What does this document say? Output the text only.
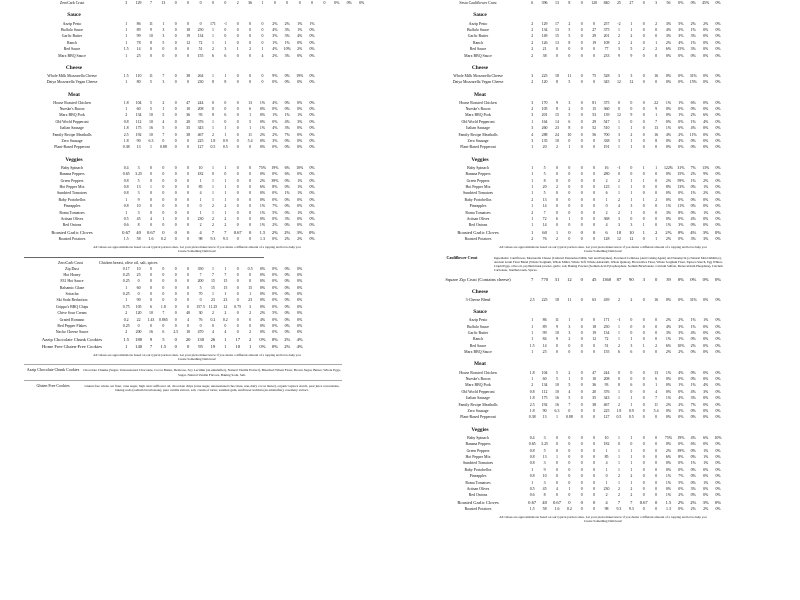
ZeroCarb Crust	3	129	7	13	0	0	0	0	0	2	36	1	0	0	0	0	0	0%	0%	0%
Sauce
Azzip Pesto	1	86	11	1	0	0	0	171	-1	0	0	0	2%	2%	1%	1%
Buffalo Sauce	1	89	9	3	0	18	250	1	0	0	0	0	4%	3%	1%	0%
Garlic Butter	1	99	10	3	0	19	134	1	0	0	0	0	3%	3%	4%	0%
Ranch	1	78	8	5	0	12	72	1	1	0	0	0	1%	1%	0%	0%
Red Sauce	1.5	14	0	0	0	0	51	2	3	1	2	1	4%	10%	2%	0%
Marx BBQ Sauce	1	25	0	0	0	0	155	6	6	0	0	4	2%	3%	0%	0%
Cheese
Whole Milk Mozzarella Cheese	1.5	110	11	7	0	38	264	1	1	0	0	0	9%	0%	19%	0%
Daiya Mozzarella Vegan Cheese	1	80	5	3	0	0	230	8	8	0	0	0	0%	0%	0%	0%
Meat
House Roasted Chicken	1.8	104	5	2	0	47	244	0	0	0	13	1%	4%	0%	0%	0%
Nueske's Bacon	1	60	5	1	0	10	208	0	0	0	6	0%	0%	0%	0%	0%
Marx BBQ Pork	2	134	10	5	0	36	93	8	6	0	1	0%	1%	1%	1%	0%
Old World Pepperoni	0.8	112	10	4	0	20	376	1	0	0	5	0%	0%	4%	3%	0%
Italian Sausage	1.8	175	16	5	0	35	343	1	1	0	1	1%	4%	3%	0%	0%
Family Recipe Meatballs	2.5	192	10	7	0	38	467	2	1	0	11	2%	2%	7%	0%	0%
Zero Sausage	1.8	90	6.3	0	0	0	225	1.8	0.9	0	5.4	0%	3%	0%	0%	0%
Plant-Based Pepperoni	0.38	13	1	0.88	0	0	127	0.5	0.5	0	0	0%	0%	0%	0%	0%
Veggies
Baby Spinach	0.4	3	0	0	0	0	10	1	1	0	0	75%	19%	6%	10%	0%
Banana Peppers	0.65	3.25	0	0	0	0	182	0	0	0	0	0%	0%	6%	0%	0%
Green Peppers	0.8	5	0	0	0	0	1	1	1	0	0	2%	39%	0%	1%	0%
Hot Pepper Mix	0.8	13	1	0	0	0	85	1	1	0	0	6%	8%	0%	1%	0%
Sundried Tomatoes	0.8	3	0	0	0	0	4	1	1	0	0	0%	0%	1%	1%	0%
Baby Portobellos	1	9	0	0	0	0	1	1	1	0	0	0%	0%	0%	0%	0%
Pineapples	0.8	10	0	0	0	0	0	2	2	0	0	1%	7%	0%	0%	0%
Roma Tomatoes	1	3	0	0	0	0	1	1	1	0	0	1%	5%	0%	1%	0%
Artisan Olives	0.5	45	4	1	0	0	230	2	2	0	0	0%	0%	3%	0%	0%
Red Onions	0.6	8	0	0	0	0	2	2	2	0	0	1%	2%	0%	0%	0%
Roasted Garlic Cloves	0.67	40	0.67	0	0	0	4	7	7	0.67	0	1.5	2%	2%	3%	0%
Roasted Potatoes	1.5	58	1.6	0.2	0	0	98	9.3	9.3	0	0	1.3	0%	2%	2%	0%
All values are approximations based on our typical portion sizes. Let your pizza maker know if you desire a different amount of a topping and let us help you Create Something Delicious!
ZeroCarb Crust	Chicken breast, olive oil, salt, spices
Zip Dust	0.17	10	0	0	0	0	350	1	1	0	0.5	0%	0%	0%	0%
Hot Honey	0.25	25	0	0	0	0	7	7	7	0	0	0%	0%	0%	0%
831 Hot Sauce	0.25	0	0	0	0	0	200	15	15	0	0	0%	0%	0%	0%
Balsamic Glaze	1	60	0	0	0	0	5	15	15	0	15	0%	0%	0%	0%
Sriracha	0.25	0	0	0	0	0	70	1	1	0	1	0%	0%	0%	0%
Ski Soda Reduction	1	90	0	0	0	0	0	23	23	0	23	0%	0%	0%	0%
Grippo's BBQ Chips	0.75	105	6	1.8	0	0	157.5 11.25	12	0.75	3	0%	0%	0%	0%
Chive Sour Cream	2	120	10	7	0	40	30	2	2	0	2	2%	5%	0%	0%
Grated Romano	0.2	22	1.43	0.865	0	4	76	0.2	0.2	0	0	4%	0%	0%	0%
Red Pepper Flakes	0.25	0	0	0	0	0	0	0	0	0	0	0%	0%	0%	0%
Nacho Cheese Sauce	2	200	16	6	2.5	10	470	4	4	0	2	0%	0%	0%	0%
Azzip Chocolate Chunk Cookies	1.5	180	9	5	0	20	130	26	1	17	2	0%	0%	2%	4%
Home Free Gluten-Free Cookies	1	140	7	1.5	0	0	95	19	1	10	1	0%	0%	2%	4%
All values are approximations based on our typical portion sizes. Let your pizza maker know if you desire a different amount of a topping and let us help you Create Something Delicious!
Azzip Chocolate Chunk Cookies	Chocolate Chunks (Sugar, Unsweetened Chocolate, Cocoa Butter, Dextrose, Soy Lecithin (an emulsifier), Natural Vanilla Extract), Bleached Wheat Flour, Brown Sugar, Butter, Whole Eggs, Sugar, Natural Vanilla Flavors, Baking Soda, Salt.
Gluten Free Cookies	Gluten free whole oat flour, cane sugar, high oleic safflower oil, chocolate chips (cane sugar, unsweetened chocolate, non-dairy cocoa butter), organic tapioca starch, pear juice concentrate, baking soda (sodium bicarbonate), pure vanilla extract, salt, cream of tartar, xanthan gum, sunflower lecithin (an emulsifier), rosemary extract.
Sesta Cauliflower Crust	6	396	13	8	0	120	840	25	27	0	3	56	0%	0%	45%	0%
Sauce
Azzip Pesto	2	129	17	2	0	0	257	-2	1	0	2	3%	5%	2%	2%	0%
Buffalo Sauce	2	134	13	5	0	27	375	1	1	0	0	4%	3%	1%	0%	0%
Garlic Butter	2	149	15	5	0	29	201	2	2	0	0	3%	3%	3%	0%	0%
Ranch	2	126	13	8	0	19	108	2	2	0	1	2%	4%	1%	0%	0%
Red Sauce	2	21	0	0	0	0	77	3	5	2	2	6%	15%	3%	0%	0%
Marx BBQ Sauce	2	38	0	0	0	0	233	9	9	0	0	0%	0%	0%	0%	0%
Cheese
Whole Milk Mozzarella Cheese	3	225	18	11	0	75	528	3	3	0	16	0%	0%	31%	0%	0%
Daiya Mozzarella Vegan Cheese	2	120	8	5	0	0	345	12	12	0	0	0%	0%	15%	0%	0%
Meat
House Roasted Chicken	3	170	9	3	0	81	375	0	0	0	22	1%	1%	6%	0%	0%
Nueske's Bacon	2	105	8	2	0	15	360	0	0	0	9	0%	0%	0%	0%	0%
Marx BBQ Pork	3	201	15	5	0	53	139	12	9	0	1	0%	1%	2%	6%	0%
Old World Pepperoni	1	164	14	6	0	29	547	1	0	0	7	0%	0%	1%	4%	0%
Italian Sausage	3	260	23	8	0	52	510	1	1	0	13	1%	6%	4%	0%	0%
Family Recipe Meatballs	4	288	24	10	0	56	700	3	2	0	16	4%	2%	11%	0%	0%
Zero Sausage	3	135	10	0	0	0	338	3	1	0	8	0%	4%	0%	0%	0%
Plant-Based Pepperoni	1	20	2	1	0	0	191	1	1	0	0	0%	0%	0%	0%	0%
Veggies
Baby Spinach	1	5	0	0	0	0	16	-1	0	1	1	122%	31%	7%	13%	0%
Banana Peppers	1	5	0	0	0	0	280	0	0	0	0	0%	15%	2%	9%	0%
Green Peppers	1	8	0	0	0	0	2	2	1	1	0	2%	59%	1%	2%	0%
Hot Pepper Mix	1	20	2	0	0	0	125	1	1	0	0	8%	13%	0%	1%	0%
Sundried Tomatoes	1	5	0	0	0	0	6	1	1	0	0	0%	0%	1%	2%	0%
Baby Portobellos	2	13	0	0	0	0	1	2	1	1	2	0%	0%	0%	0%	0%
Pineapples	1	14	0	0	0	0	0	4	3	0	0	1%	11%	0%	0%	0%
Roma Tomatoes	2	7	0	0	0	0	2	2	1	0	0	3%	8%	0%	1%	0%
Artisan Olives	1	72	6	1	0	0	368	3	0	0	0	0%	0%	4%	0%	0%
Red Onions	1	14	0	0	0	0	4	3	3	1	0	1%	3%	0%	0%	0%
Roasted Garlic Cloves	1	60	1	0	0	0	6	10	10	1	2	2%	0%	4%	3%	0%
Roasted Potatoes	2	76	2	0	0	0	128	12	12	0	1	2%	0%	3%	3%	0%
All values are approximations based on our typical portion sizes. Let your pizza maker know if you desire a different amount of a topping and let us help you Create Something Delicious!
Cauliflower Crust	Ingredients: Cauliflower, Mozzarella Cheese (Cultured Pasteurized Milk, Salt and Enzymes), Powdered Cellulose (Anti Caking Agent) and Natamycin (a Natural Mold Inhibitor), Ancient Grain Flour Blend (Whole Sorghum, Whole Millet, Whole Teff, Whole Amaranth, Whole Quinoa), Brown Rice Flour, Whole Sorghum Flour, Tapioca Starch, Egg Whites, Liquid Eggs, olive oil, psyllium husk powder, garlic, salt, Baking Powder (Sodium Acid Pyrophosphate, Sodium Bicarbonate, Calcium Sulfate, Monocalcium Phosphate), Calcium Carbonate, Xanthan Gum, Spices.
Square Zip Crust (Contains cheese)	7	770	31	12	0	45	1360	87	90	3	0	39	0%	0%	0%	0%
Cheese
3-Cheese Blend	2.5	225	18	11	0	63	439	2	2	0	16	0%	0%	31%	0%	0%
Sauce
Azzip Pesto	1	86	11	1	0	0	171	-1	0	0	0	2%	2%	1%	1%	0%
Buffalo Sauce	1	89	9	3	0	18	250	1	0	0	0	4%	3%	1%	0%	0%
Garlic Butter	1	99	10	3	0	19	134	1	0	0	0	3%	3%	4%	0%	0%
Ranch	1	84	9	2	0	12	72	1	1	0	0	1%	1%	0%	0%	0%
Red Sauce	1.5	14	0	0	0	0	51	2	3	1	2	6%	10%	2%	0%	0%
Marx BBQ Sauce	1	25	0	0	0	0	155	6	6	0	0	2%	2%	0%	0%	0%
Meat
House Roasted Chicken	1.8	104	5	2	0	47	244	0	0	0	13	1%	4%	0%	0%	0%
Nueske's Bacon	1	60	5	1	0	10	208	0	0	0	6	0%	0%	0%	0%	0%
Marx BBQ Pork	2	134	10	5	0	36	93	8	6	0	1	0%	1%	1%	4%	0%
Old World Pepperoni	0.8	112	10	4	0	20	376	1	0	0	4	0%	0%	4%	3%	0%
Italian Sausage	1.8	175	16	5	0	35	343	1	1	0	7	1%	4%	3%	0%	0%
Family Recipe Meatballs	2.5	192	16	7	0	38	467	2	1	0	11	2%	2%	7%	0%	0%
Zero Sausage	1.8	90	6.3	0	0	0	225	1.8	0.9	0	5.4	0%	3%	0%	0%	0%
Plant-Based Pepperoni	0.38	13	1	0.88	0	0	127	0.5	0.5	0	0	0%	0%	0%	0%	0%
Veggies
Baby Spinach	0.4	3	0	0	0	0	10	1	1	0	0	75%	19%	4%	6%	10%
Banana Peppers	0.65	3.25	0	0	0	0	182	0	0	0	0	0%	0%	6%	0%	0%
Green Peppers	0.8	5	0	0	0	0	1	1	1	0	0	2%	39%	0%	1%	0%
Hot Pepper Mix	0.8	13	1	0	0	0	85	1	1	0	0	6%	8%	0%	1%	0%
Sundried Tomatoes	0.8	3	0	0	0	0	4	1	1	0	0	0%	0%	1%	1%	0%
Baby Portobellos	1	9	0	0	0	0	1	1	1	0	0	0%	0%	0%	0%	0%
Pineapples	0.8	10	0	0	0	0	0	2	2	0	0	1%	7%	0%	0%	0%
Roma Tomatoes	1	3	0	0	0	0	1	1	1	0	0	1%	5%	0%	1%	0%
Artisan Olives	0.5	45	4	1	0	0	230	2	2	0	0	0%	0%	3%	0%	0%
Red Onions	0.6	8	0	0	0	0	2	2	2	0	0	1%	2%	0%	0%	0%
Roasted Garlic Cloves	0.67	40	0.67	0	0	0	4	7	7	0.67	0	1.5	2%	2%	3%	0%
Roasted Potatoes	1.5	58	1.6	0.2	0	0	98	9.3	9.3	0	0	1.3	0%	2%	2%	0%
All values are approximations based on our typical portion sizes. Let your pizza maker know if you desire a different amount of a topping and let us help you Create Something Delicious!
